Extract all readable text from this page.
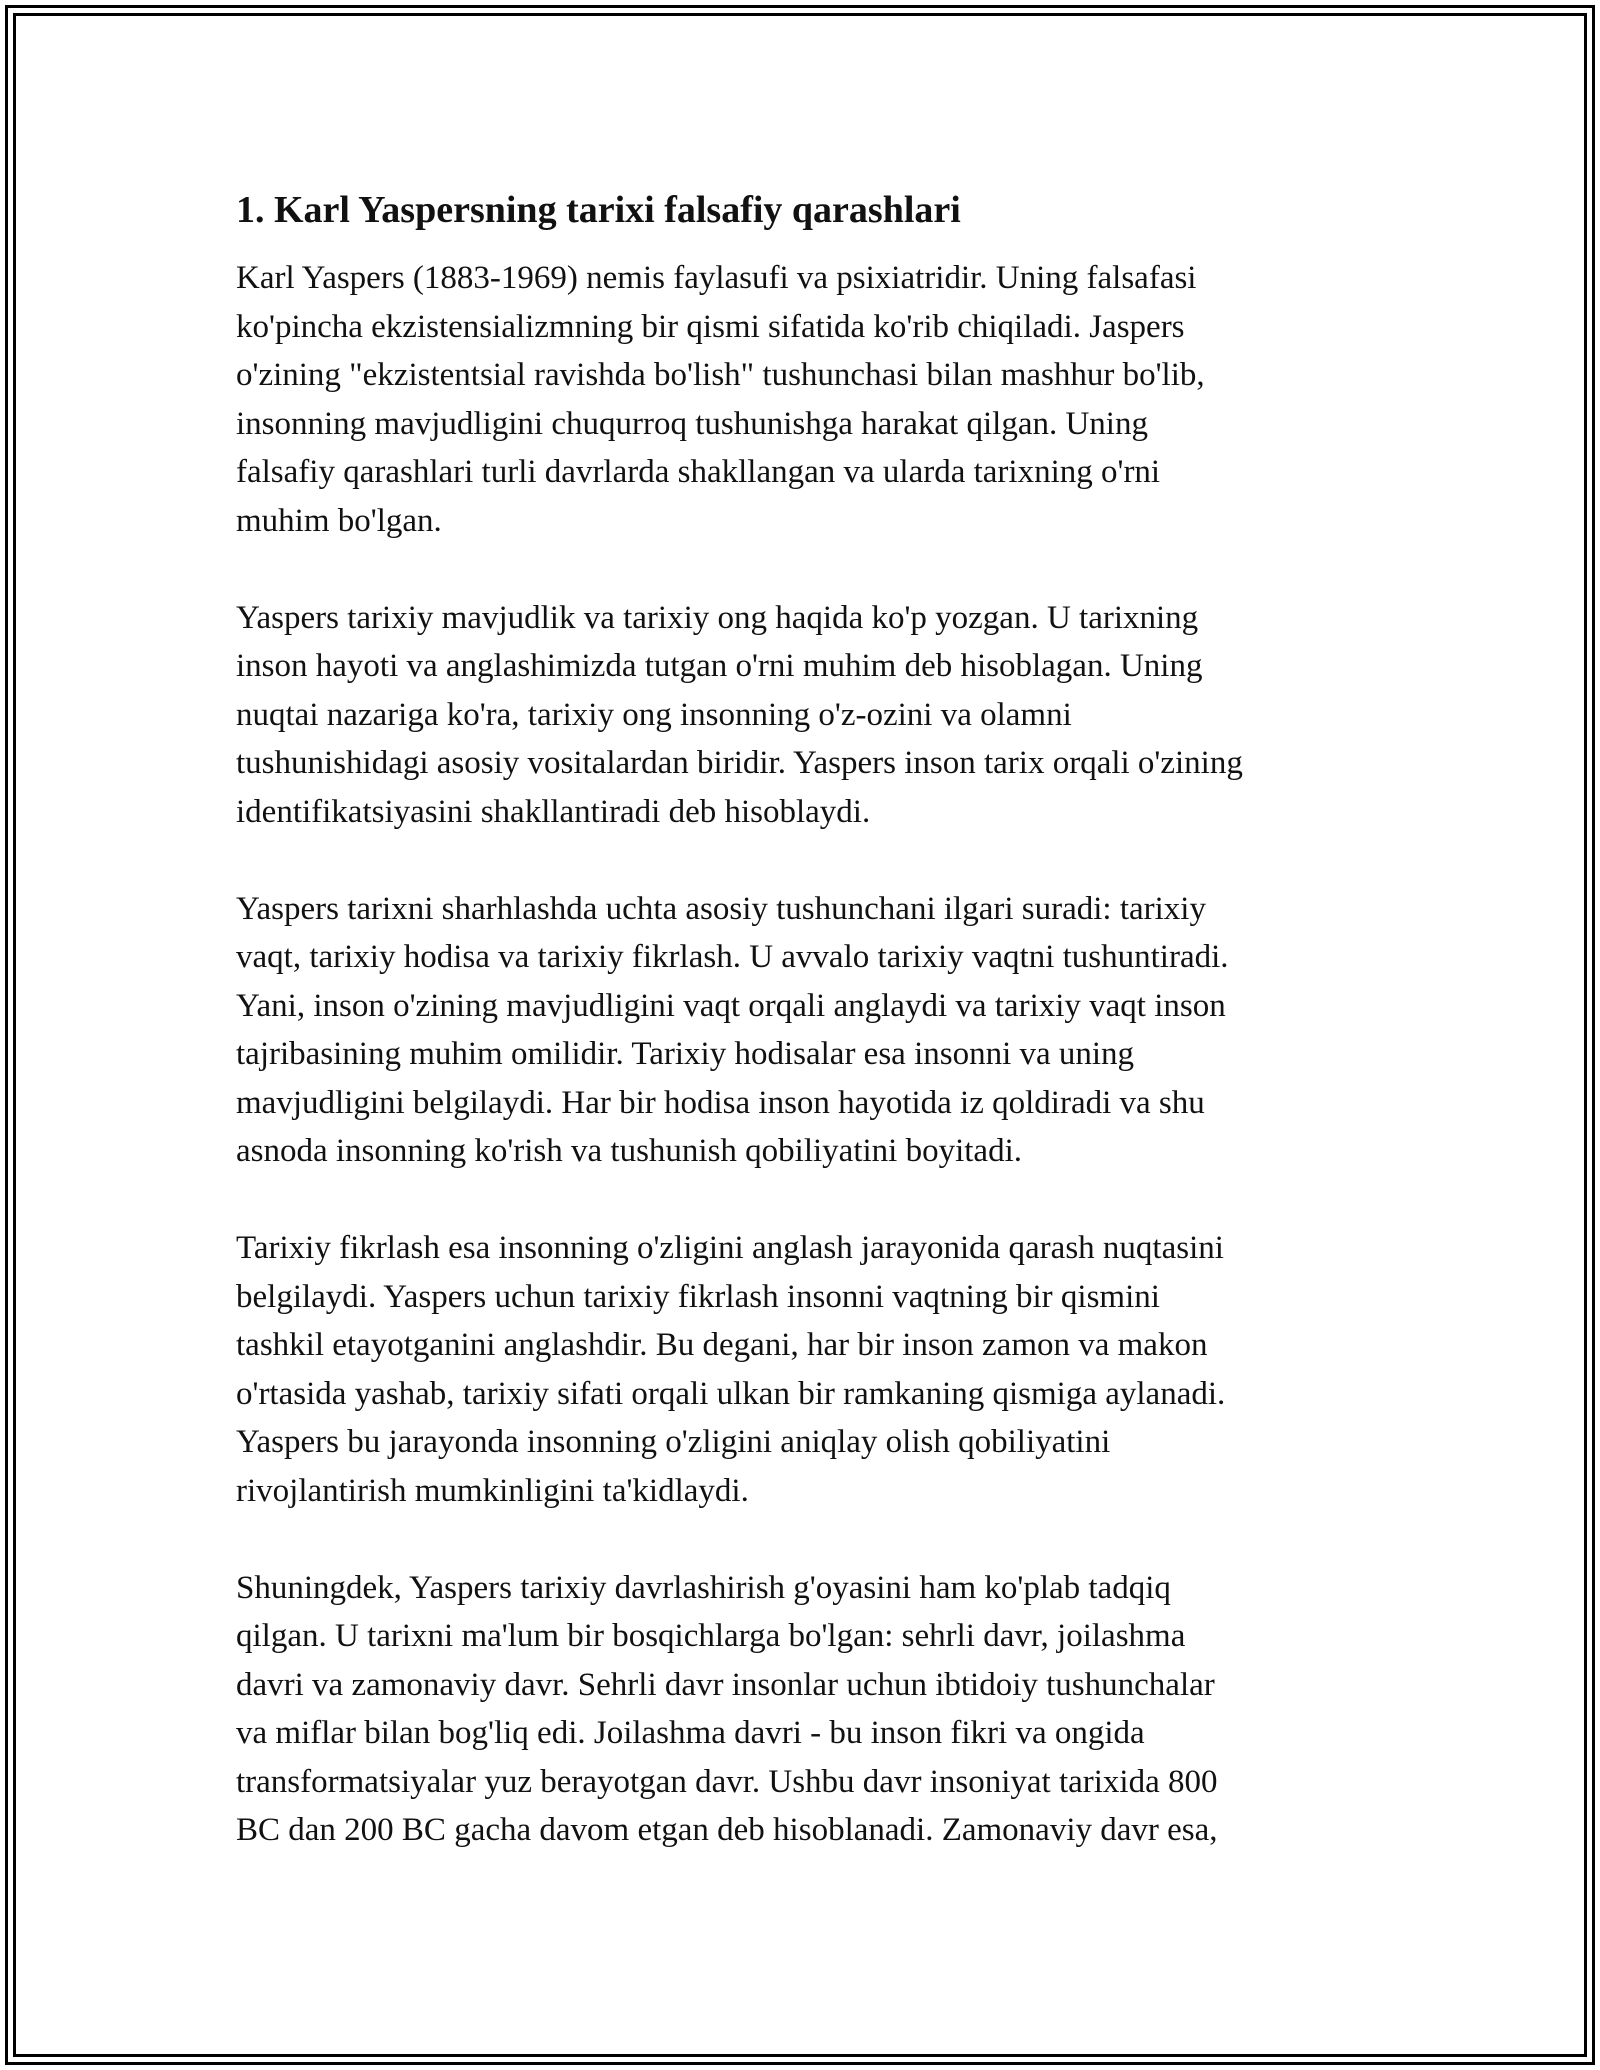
1. Karl Yaspersning tarixi falsafiy qarashlari

Karl Yaspers (1883-1969) nemis faylasufi va psixiatridir. Uning falsafasi
ko'pincha ekzistensializmning bir qismi sifatida ko'rib chiqiladi. Jaspers
o'zining "ekzistentsial ravishda bo'lish" tushunchasi bilan mashhur bo'lib,
insonning mavjudligini chuqurroq tushunishga harakat qilgan. Uning
falsafiy qarashlari turli davrlarda shakllangan va ularda tarixning o'rni
muhim bo'lgan.

Yaspers tarixiy mavjudlik va tarixiy ong haqida ko'p yozgan. U tarixning
inson hayoti va anglashimizda tutgan o'rni muhim deb hisoblagan. Uning
nuqtai nazariga ko'ra, tarixiy ong insonning o'z-ozini va olamni
tushunishidagi asosiy vositalardan biridir. Yaspers inson tarix orqali o'zining
identifikatsiyasini shakllantiradi deb hisoblaydi.

Yaspers tarixni sharhlashda uchta asosiy tushunchani ilgari suradi: tarixiy
vaqt, tarixiy hodisa va tarixiy fikrlash. U avvalo tarixiy vaqtni tushuntiradi.
Yani, inson o'zining mavjudligini vaqt orqali anglaydi va tarixiy vaqt inson
tajribasining muhim omilidir. Tarixiy hodisalar esa insonni va uning
mavjudligini belgilaydi. Har bir hodisa inson hayotida iz qoldiradi va shu
asnoda insonning ko'rish va tushunish qobiliyatini boyitadi.

Tarixiy fikrlash esa insonning o'zligini anglash jarayonida qarash nuqtasini
belgilaydi. Yaspers uchun tarixiy fikrlash insonni vaqtning bir qismini
tashkil etayotganini anglashdir. Bu degani, har bir inson zamon va makon
o'rtasida yashab, tarixiy sifati orqali ulkan bir ramkaning qismiga aylanadi.
Yaspers bu jarayonda insonning o'zligini aniqlay olish qobiliyatini
rivojlantirish mumkinligini ta'kidlaydi.

Shuningdek, Yaspers tarixiy davrlashirish g'oyasini ham ko'plab tadqiq
qilgan. U tarixni ma'lum bir bosqichlarga bo'lgan: sehrli davr, joilashma
davri va zamonaviy davr. Sehrli davr insonlar uchun ibtidoiy tushunchalar
va miflar bilan bog'liq edi. Joilashma davri - bu inson fikri va ongida
transformatsiyalar yuz berayotgan davr. Ushbu davr insoniyat tarixida 800
BC dan 200 BC gacha davom etgan deb hisoblanadi. Zamonaviy davr esa,
